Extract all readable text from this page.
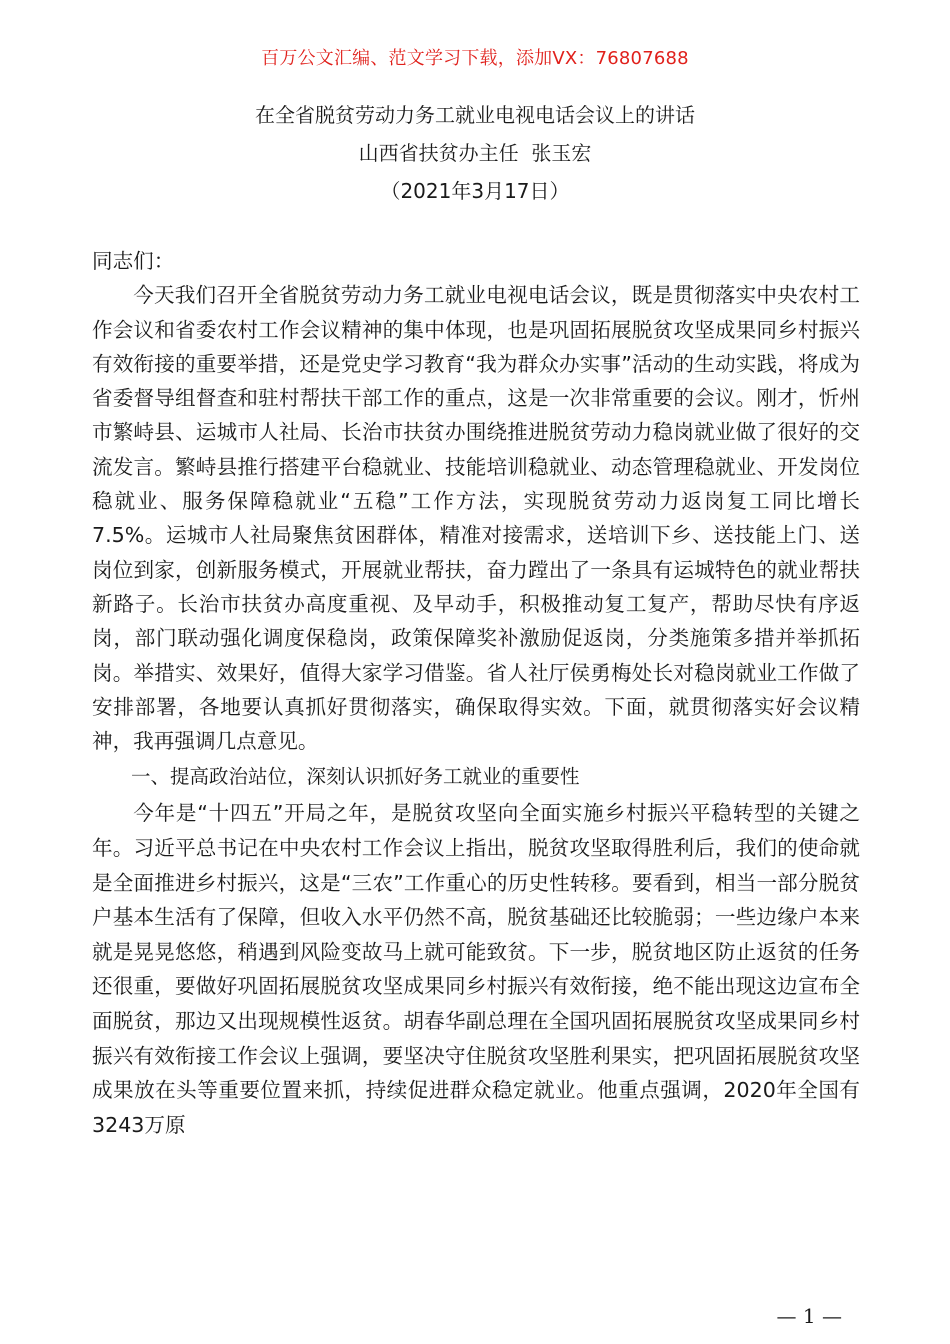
百万公文汇编、范文学习下载，添加VX：76807688
在全省脱贫劳动力务工就业电视电话会议上的讲话
山西省扶贫办主任  张玉宏
（2021年3月17日）

同志们：

今天我们召开全省脱贫劳动力务工就业电视电话会议，既是贯彻落实中央农村工作会议和省委农村工作会议精神的集中体现，也是巩固拓展脱贫攻坚成果同乡村振兴有效衔接的重要举措，还是党史学习教育“我为群众办实事”活动的生动实践，将成为省委督导组督查和驻村帮扶干部工作的重点，这是一次非常重要的会议。刚才，忻州市繁峙县、运城市人社局、长治市扶贫办围绕推进脱贫劳动力稳岗就业做了很好的交流发言。繁峙县推行搭建平台稳就业、技能培训稳就业、动态管理稳就业、开发岗位稳就业、服务保障稳就业“五稳”工作方法，实现脱贫劳动力返岗复工同比增长7.5%。运城市人社局聚焦贫困群体，精准对接需求，送培训下乡、送技能上门、送岗位到家，创新服务模式，开展就业帮扶，奋力蹚出了一条具有运城特色的就业帮扶新路子。长治市扶贫办高度重视、及早动手，积极推动复工复产，帮助尽快有序返岗，部门联动强化调度保稳岗，政策保障奖补激励促返岗，分类施策多措并举抓拓岗。举措实、效果好，值得大家学习借鉴。省人社厅侯勇梅处长对稳岗就业工作做了安排部署，各地要认真抓好贯彻落实，确保取得实效。下面，就贯彻落实好会议精神，我再强调几点意见。

一、提高政治站位，深刻认识抓好务工就业的重要性

今年是“十四五”开局之年，是脱贫攻坚向全面实施乡村振兴平稳转型的关键之年。习近平总书记在中央农村工作会议上指出，脱贫攻坚取得胜利后，我们的使命就是全面推进乡村振兴，这是“三农”工作重心的历史性转移。要看到，相当一部分脱贫户基本生活有了保障，但收入水平仍然不高，脱贫基础还比较脆弱；一些边缘户本来就是晃晃悠悠，稍遇到风险变故马上就可能致贫。下一步，脱贫地区防止返贫的任务还很重，要做好巩固拓展脱贫攻坚成果同乡村振兴有效衔接，绝不能出现这边宣布全面脱贫，那边又出现规模性返贫。胡春华副总理在全国巩固拓展脱贫攻坚成果同乡村振兴有效衔接工作会议上强调，要坚决守住脱贫攻坚胜利果实，把巩固拓展脱贫攻坚成果放在头等重要位置来抓，持续促进群众稳定就业。他重点强调，2020年全国有3243万原

— 1 —
